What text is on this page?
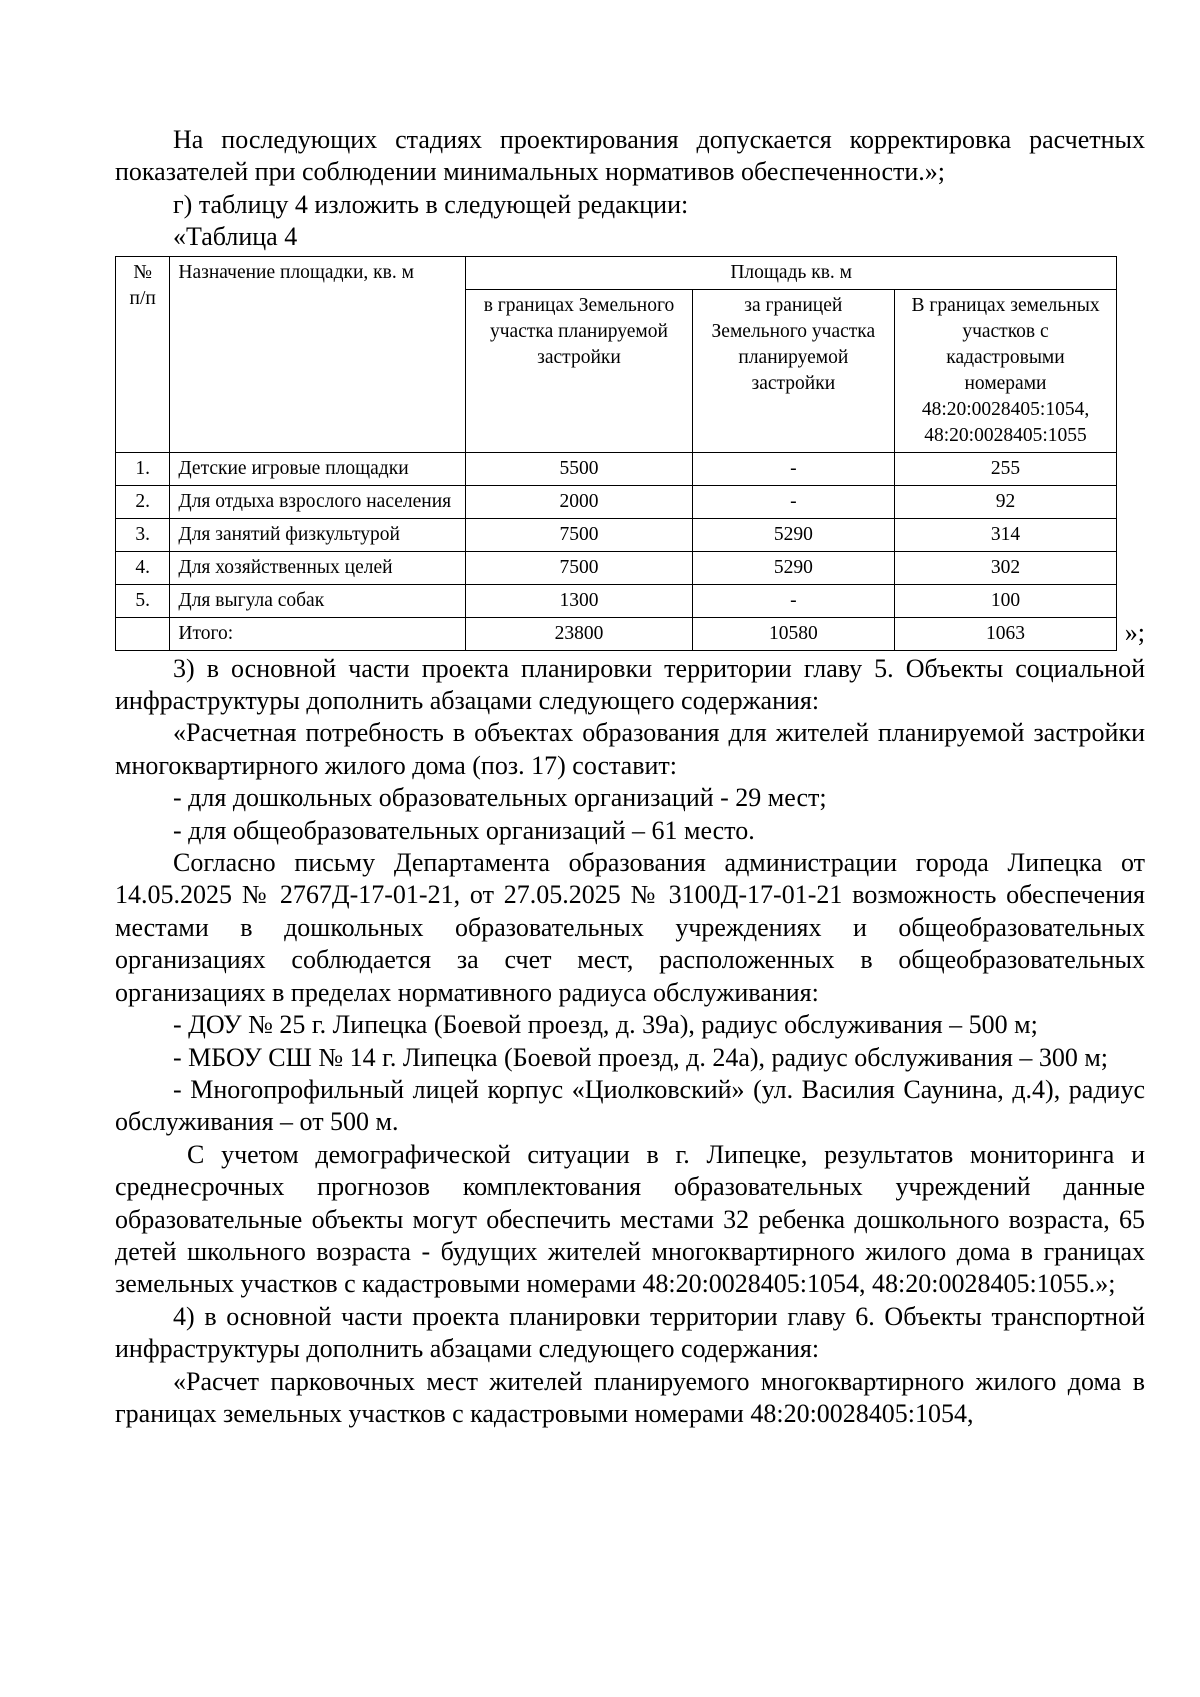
На последующих стадиях проектирования допускается корректировка расчетных показателей при соблюдении минимальных нормативов обеспеченности.»;

г) таблицу 4 изложить в следующей редакции:

«Таблица 4

№ п/п	Назначение площадки, кв. м	Площадь кв. м		
		в границах Земельного участка планируемой застройки	за границей Земельного участка планируемой застройки	В границах земельных участков с кадастровыми номерами 48:20:0028405:1054, 48:20:0028405:1055
1.	Детские игровые площадки	5500	-	255
2.	Для отдыха взрослого населения	2000	-	92
3.	Для занятий физкультурой	7500	5290	314
4.	Для хозяйственных целей	7500	5290	302
5.	Для выгула собак	1300	-	100
	Итого:	23800	10580	1063	»;

3) в основной части проекта планировки территории главу 5. Объекты социальной инфраструктуры дополнить абзацами следующего содержания:

«Расчетная потребность в объектах образования для жителей планируемой застройки многоквартирного жилого дома (поз. 17) составит:

- для дошкольных образовательных организаций - 29 мест;

- для общеобразовательных организаций – 61 место.

Согласно письму Департамента образования администрации города Липецка от 14.05.2025 № 2767Д-17-01-21, от 27.05.2025 № 3100Д-17-01-21 возможность обеспечения местами в дошкольных образовательных учреждениях и общеобразовательных организациях соблюдается за счет мест, расположенных в общеобразовательных организациях в пределах нормативного радиуса обслуживания:

- ДОУ № 25 г. Липецка (Боевой проезд, д. 39а), радиус обслуживания – 500 м;

- МБОУ СШ № 14 г. Липецка (Боевой проезд, д. 24а), радиус обслуживания – 300 м;

- Многопрофильный лицей корпус «Циолковский» (ул. Василия Саунина, д.4), радиус обслуживания – от 500 м.

С учетом демографической ситуации в г. Липецке, результатов мониторинга и среднесрочных прогнозов комплектования образовательных учреждений данные образовательные объекты могут обеспечить местами 32 ребенка дошкольного возраста, 65 детей школьного возраста - будущих жителей многоквартирного жилого дома в границах земельных участков с кадастровыми номерами 48:20:0028405:1054, 48:20:0028405:1055.»;

4) в основной части проекта планировки территории главу 6. Объекты транспортной инфраструктуры дополнить абзацами следующего содержания:

«Расчет парковочных мест жителей планируемого многоквартирного жилого дома в границах земельных участков с кадастровыми номерами 48:20:0028405:1054,
